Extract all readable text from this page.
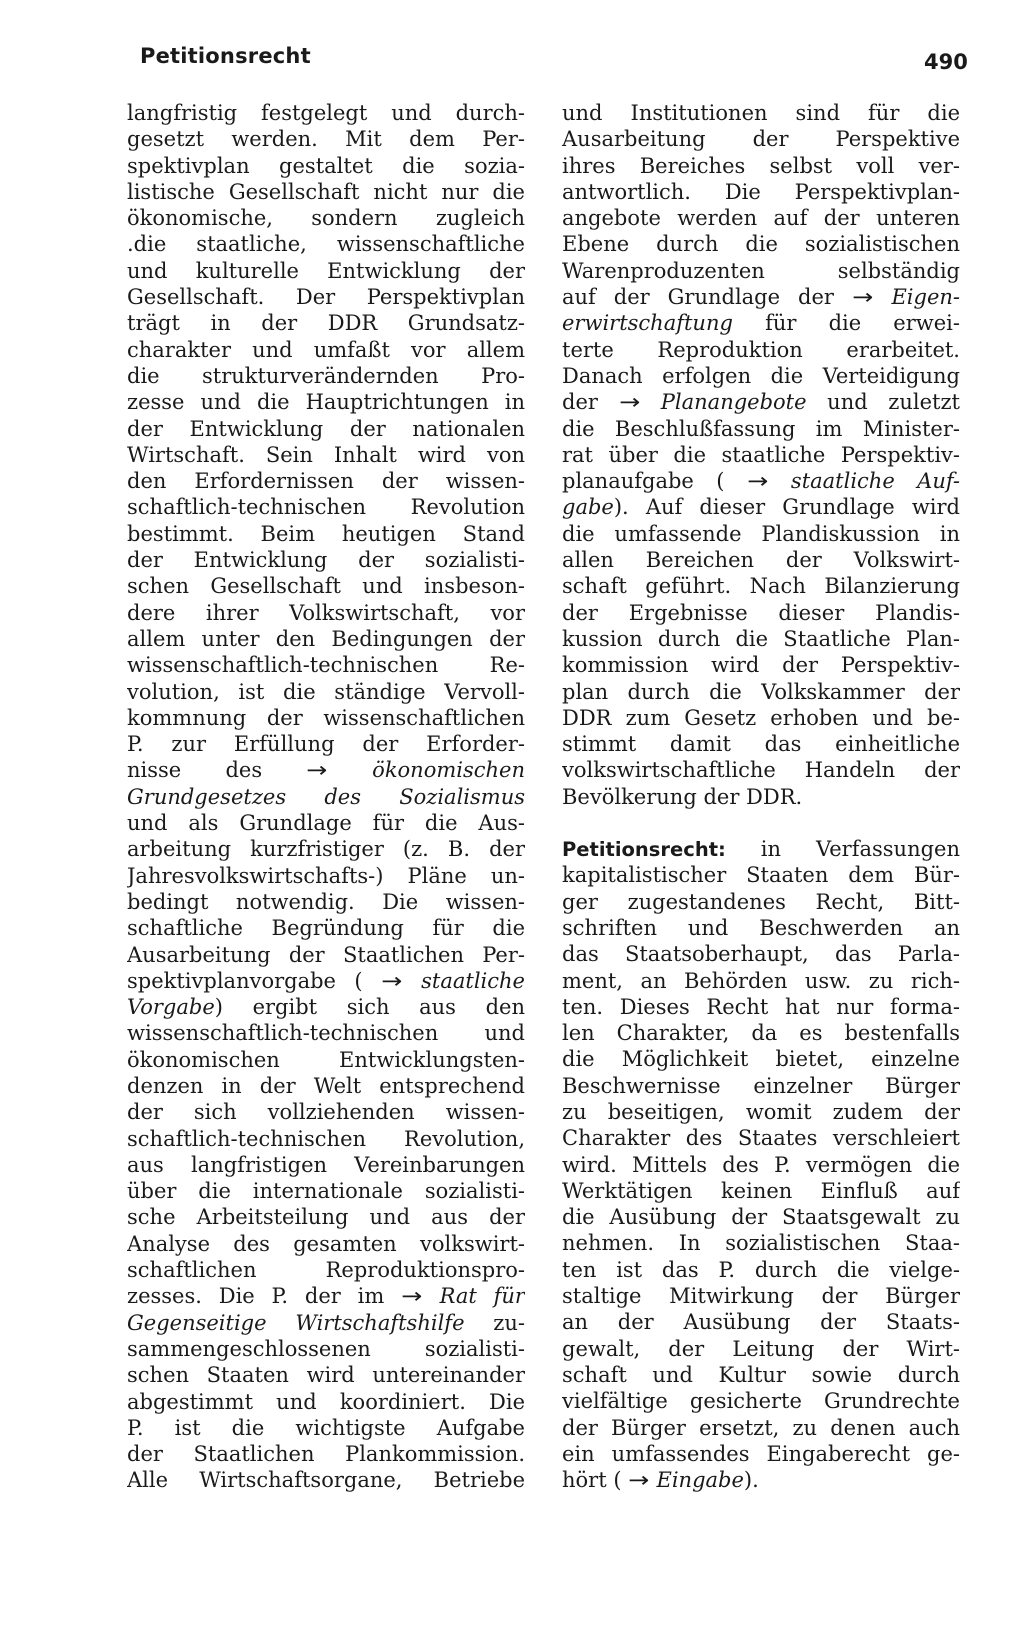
Petitionsrecht	490
langfristig festgelegt und durch-
gesetzt werden. Mit dem Per-
spektivplan gestaltet die sozia-
listische Gesellschaft nicht nur die
ökonomische, sondern zugleich
.die staatliche, wissenschaftliche
und kulturelle Entwicklung der
Gesellschaft. Der Perspektivplan
trägt in der DDR Grundsatz-
charakter und umfaßt vor allem
die strukturverändernden Pro-
zesse und die Hauptrichtungen in
der Entwicklung der nationalen
Wirtschaft. Sein Inhalt wird von
den Erfordernissen der wissen-
schaftlich-technischen Revolution
bestimmt. Beim heutigen Stand
der Entwicklung der sozialisti-
schen Gesellschaft und insbeson-
dere ihrer Volkswirtschaft, vor
allem unter den Bedingungen der
wissenschaftlich-technischen Re-
volution, ist die ständige Vervoll-
kommnung der wissenschaftlichen
P. zur Erfüllung der Erforder-
nisse des → ökonomischen
Grundgesetzes des Sozialismus
und als Grundlage für die Aus-
arbeitung kurzfristiger (z. B. der
Jahresvolkswirtschafts-) Pläne un-
bedingt notwendig. Die wissen-
schaftliche Begründung für die
Ausarbeitung der Staatlichen Per-
spektivplanvorgabe ( → staatliche
Vorgabe) ergibt sich aus den
wissenschaftlich-technischen und
ökonomischen Entwicklungsten-
denzen in der Welt entsprechend
der sich vollziehenden wissen-
schaftlich-technischen Revolution,
aus langfristigen Vereinbarungen
über die internationale sozialisti-
sche Arbeitsteilung und aus der
Analyse des gesamten volkswirt-
schaftlichen Reproduktionspro-
zesses. Die P. der im → Rat für
Gegenseitige Wirtschaftshilfe zu-
sammengeschlossenen sozialisti-
schen Staaten wird untereinander
abgestimmt und koordiniert. Die
P. ist die wichtigste Aufgabe
der Staatlichen Plankommission.
Alle Wirtschaftsorgane, Betriebe
und Institutionen sind für die
Ausarbeitung der Perspektive
ihres Bereiches selbst voll ver-
antwortlich. Die Perspektivplan-
angebote werden auf der unteren
Ebene durch die sozialistischen
Warenproduzenten selbständig
auf der Grundlage der → Eigen-
erwirtschaftung für die erwei-
terte Reproduktion erarbeitet.
Danach erfolgen die Verteidigung
der → Planangebote und zuletzt
die Beschlußfassung im Minister-
rat über die staatliche Perspektiv-
planaufgabe ( → staatliche Auf-
gabe). Auf dieser Grundlage wird
die umfassende Plandiskussion in
allen Bereichen der Volkswirt-
schaft geführt. Nach Bilanzierung
der Ergebnisse dieser Plandis-
kussion durch die Staatliche Plan-
kommission wird der Perspektiv-
plan durch die Volkskammer der
DDR zum Gesetz erhoben und be-
stimmt damit das einheitliche
volkswirtschaftliche Handeln der
Bevölkerung der DDR.
Petitionsrecht: in Verfassungen
kapitalistischer Staaten dem Bür-
ger zugestandenes Recht, Bitt-
schriften und Beschwerden an
das Staatsoberhaupt, das Parla-
ment, an Behörden usw. zu rich-
ten. Dieses Recht hat nur forma-
len Charakter, da es bestenfalls
die Möglichkeit bietet, einzelne
Beschwernisse einzelner Bürger
zu beseitigen, womit zudem der
Charakter des Staates verschleiert
wird. Mittels des P. vermögen die
Werktätigen keinen Einfluß auf
die Ausübung der Staatsgewalt zu
nehmen. In sozialistischen Staa-
ten ist das P. durch die vielge-
staltige Mitwirkung der Bürger
an der Ausübung der Staats-
gewalt, der Leitung der Wirt-
schaft und Kultur sowie durch
vielfältige gesicherte Grundrechte
der Bürger ersetzt, zu denen auch
ein umfassendes Eingaberecht ge-
hört ( → Eingabe).
